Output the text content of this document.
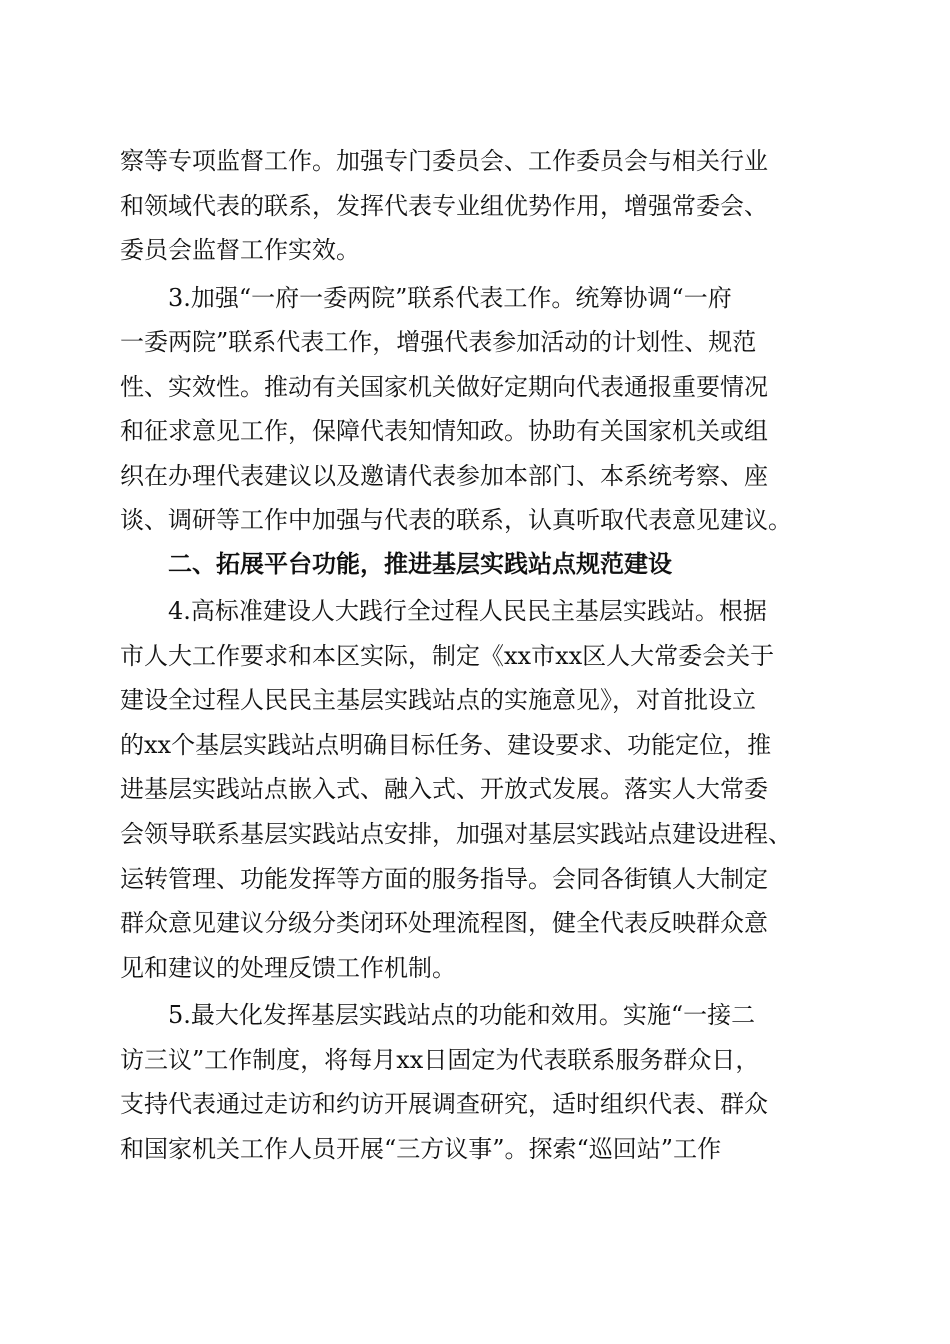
察等专项监督工作。加强专门委员会、工作委员会与相关行业
和领域代表的联系，发挥代表专业组优势作用，增强常委会、
委员会监督工作实效。
3.加强“一府一委两院”联系代表工作。统筹协调“一府
一委两院”联系代表工作，增强代表参加活动的计划性、规范
性、实效性。推动有关国家机关做好定期向代表通报重要情况
和征求意见工作，保障代表知情知政。协助有关国家机关或组
织在办理代表建议以及邀请代表参加本部门、本系统考察、座
谈、调研等工作中加强与代表的联系，认真听取代表意见建议。
二、拓展平台功能，推进基层实践站点规范建设
4.高标准建设人大践行全过程人民民主基层实践站。根据
市人大工作要求和本区实际，制定《xx市xx区人大常委会关于
建设全过程人民民主基层实践站点的实施意见》，对首批设立
的xx个基层实践站点明确目标任务、建设要求、功能定位，推
进基层实践站点嵌入式、融入式、开放式发展。落实人大常委
会领导联系基层实践站点安排，加强对基层实践站点建设进程、
运转管理、功能发挥等方面的服务指导。会同各街镇人大制定
群众意见建议分级分类闭环处理流程图，健全代表反映群众意
见和建议的处理反馈工作机制。
5.最大化发挥基层实践站点的功能和效用。实施“一接二
访三议”工作制度，将每月xx日固定为代表联系服务群众日，
支持代表通过走访和约访开展调查研究，适时组织代表、群众
和国家机关工作人员开展“三方议事”。探索“巡回站”工作
